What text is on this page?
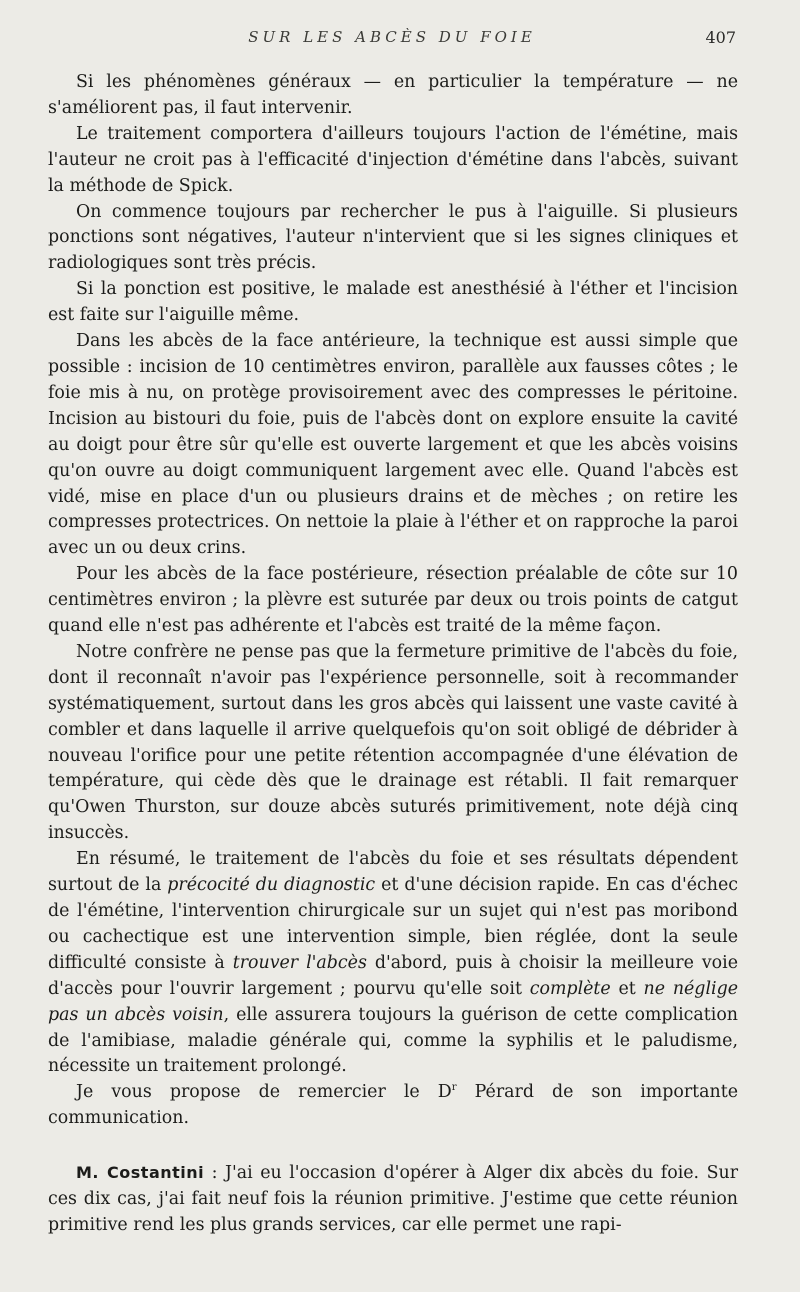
SUR LES ABCÈS DU FOIE	407

Si les phénomènes généraux — en particulier la température — ne s'améliorent pas, il faut intervenir.

Le traitement comportera d'ailleurs toujours l'action de l'émétine, mais l'auteur ne croit pas à l'efficacité d'injection d'émétine dans l'abcès, suivant la méthode de Spick.

On commence toujours par rechercher le pus à l'aiguille. Si plusieurs ponctions sont négatives, l'auteur n'intervient que si les signes cliniques et radiologiques sont très précis.

Si la ponction est positive, le malade est anesthésié à l'éther et l'incision est faite sur l'aiguille même.

Dans les abcès de la face antérieure, la technique est aussi simple que possible : incision de 10 centimètres environ, parallèle aux fausses côtes ; le foie mis à nu, on protège provisoirement avec des compresses le péritoine. Incision au bistouri du foie, puis de l'abcès dont on explore ensuite la cavité au doigt pour être sûr qu'elle est ouverte largement et que les abcès voisins qu'on ouvre au doigt communiquent largement avec elle. Quand l'abcès est vidé, mise en place d'un ou plusieurs drains et de mèches ; on retire les compresses protectrices. On nettoie la plaie à l'éther et on rapproche la paroi avec un ou deux crins.

Pour les abcès de la face postérieure, résection préalable de côte sur 10 centimètres environ ; la plèvre est suturée par deux ou trois points de catgut quand elle n'est pas adhérente et l'abcès est traité de la même façon.

Notre confrère ne pense pas que la fermeture primitive de l'abcès du foie, dont il reconnaît n'avoir pas l'expérience personnelle, soit à recommander systématiquement, surtout dans les gros abcès qui laissent une vaste cavité à combler et dans laquelle il arrive quelquefois qu'on soit obligé de débrider à nouveau l'orifice pour une petite rétention accompagnée d'une élévation de température, qui cède dès que le drainage est rétabli. Il fait remarquer qu'Owen Thurston, sur douze abcès suturés primitivement, note déjà cinq insuccès.

En résumé, le traitement de l'abcès du foie et ses résultats dépendent surtout de la précocité du diagnostic et d'une décision rapide. En cas d'échec de l'émétine, l'intervention chirurgicale sur un sujet qui n'est pas moribond ou cachectique est une intervention simple, bien réglée, dont la seule difficulté consiste à trouver l'abcès d'abord, puis à choisir la meilleure voie d'accès pour l'ouvrir largement ; pourvu qu'elle soit complète et ne néglige pas un abcès voisin, elle assurera toujours la guérison de cette complication de l'amibiase, maladie générale qui, comme la syphilis et le paludisme, nécessite un traitement prolongé.

Je vous propose de remercier le $D^r$ Pérard de son importante communication.

M. Costantini : J'ai eu l'occasion d'opérer à Alger dix abcès du foie. Sur ces dix cas, j'ai fait neuf fois la réunion primitive. J'estime que cette réunion primitive rend les plus grands services, car elle permet une rapi-
